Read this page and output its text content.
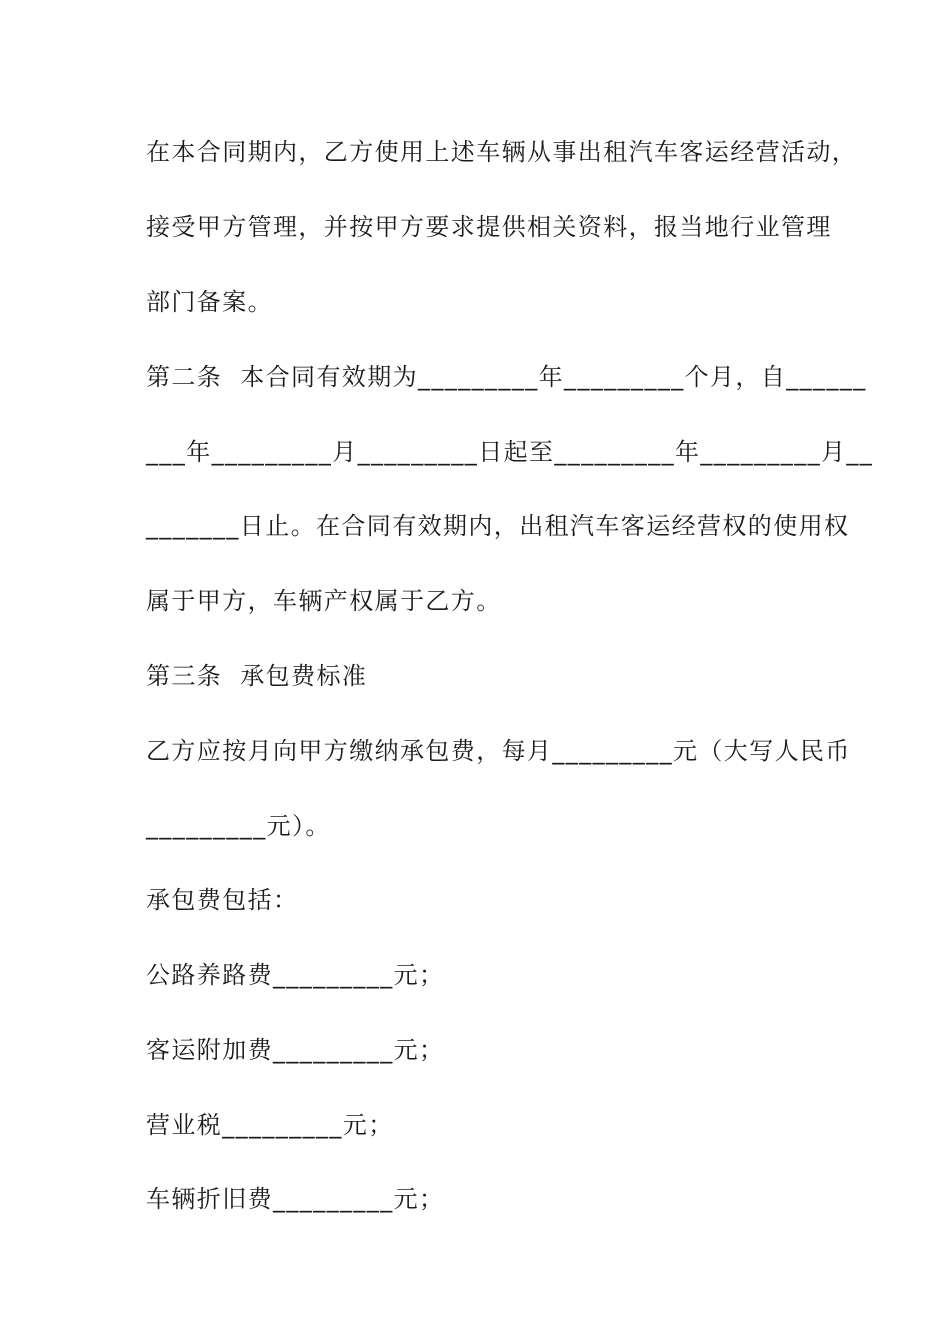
在本合同期内，乙方使用上述车辆从事出租汽车客运经营活动，
接受甲方管理，并按甲方要求提供相关资料，报当地行业管理
部门备案。
第二条  本合同有效期为_________年_________个月，自______
___年_________月_________日起至_________年_________月__
_______日止。在合同有效期内，出租汽车客运经营权的使用权
属于甲方，车辆产权属于乙方。
第三条  承包费标准
乙方应按月向甲方缴纳承包费，每月_________元（大写人民币
_________元）。
承包费包括：
公路养路费_________元；
客运附加费_________元；
营业税_________元；
车辆折旧费_________元；
